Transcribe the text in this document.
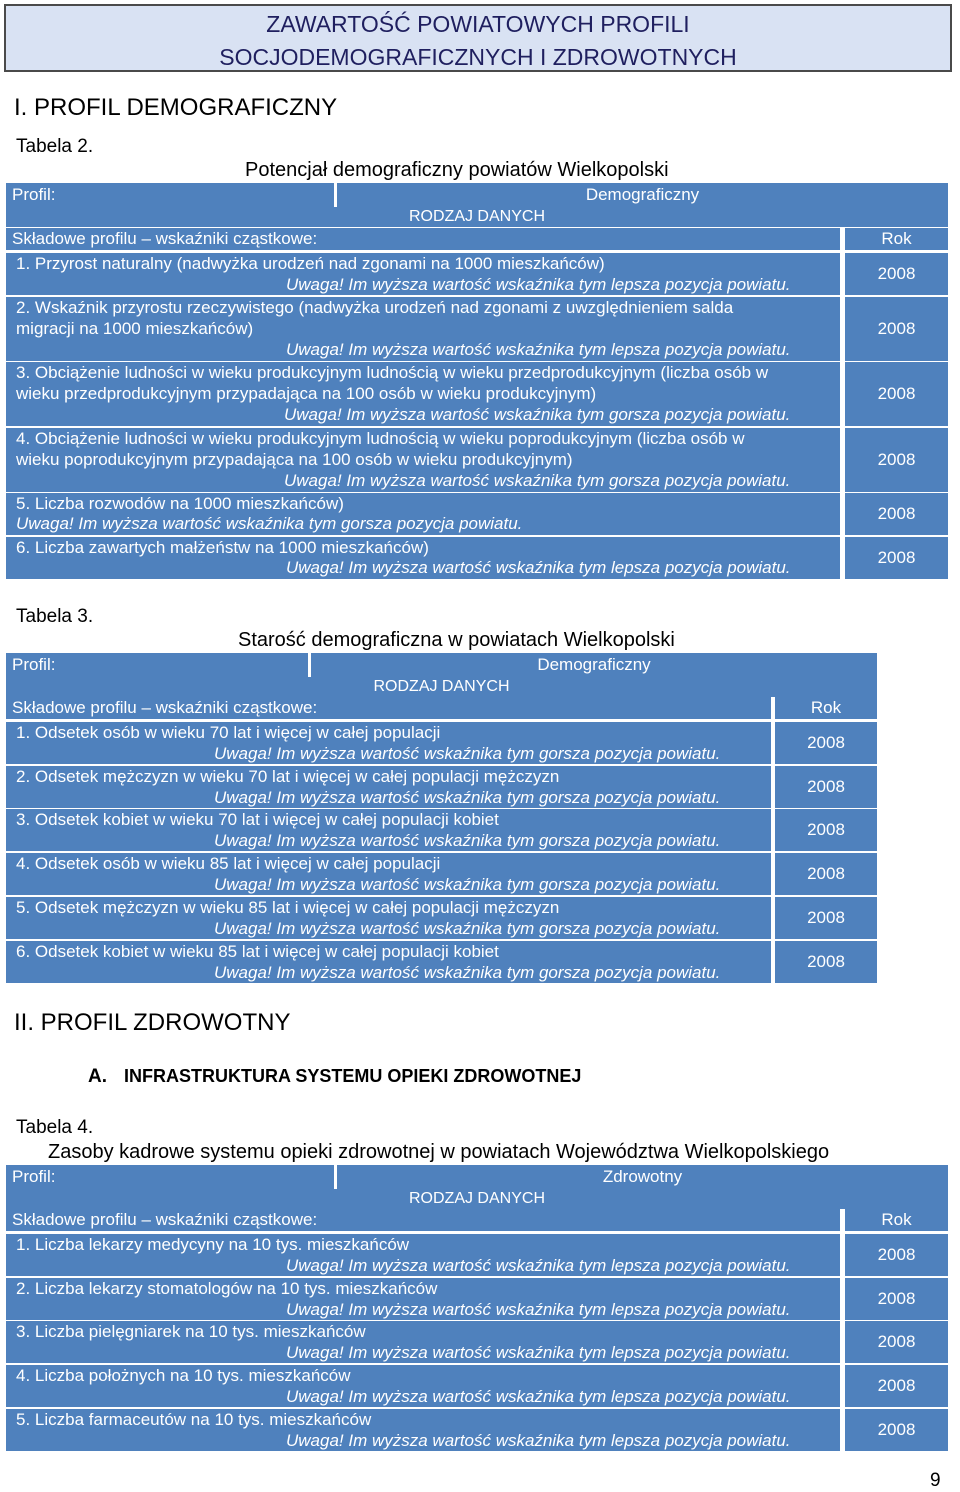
ZAWARTOŚĆ POWIATOWYCH PROFILI
SOCJODEMOGRAFICZNYCH I ZDROWOTNYCH
I. PROFIL DEMOGRAFICZNY
Tabela 2.
Potencjał demograficzny powiatów Wielkopolski
Profil:	Demograficzny
RODZAJ DANYCH
Składowe profilu – wskaźniki cząstkowe:	Rok
1. Przyrost naturalny (nadwyżka urodzeń nad zgonami na 1000 mieszkańców)
Uwaga! Im wyższa wartość wskaźnika tym lepsza pozycja powiatu.
2008
2. Wskaźnik przyrostu rzeczywistego (nadwyżka urodzeń nad zgonami z uwzględnieniem salda
migracji na 1000 mieszkańców)
Uwaga! Im wyższa wartość wskaźnika tym lepsza pozycja powiatu.
2008
3. Obciążenie ludności w wieku produkcyjnym ludnością w wieku przedprodukcyjnym (liczba osób w
wieku przedprodukcyjnym przypadająca na 100 osób w wieku produkcyjnym)
Uwaga! Im wyższa wartość wskaźnika tym gorsza pozycja powiatu.
2008
4. Obciążenie ludności w wieku produkcyjnym ludnością w wieku poprodukcyjnym (liczba osób w
wieku poprodukcyjnym przypadająca na 100 osób w wieku produkcyjnym)
Uwaga! Im wyższa wartość wskaźnika tym gorsza pozycja powiatu.
2008
5. Liczba rozwodów na 1000 mieszkańców)
Uwaga! Im wyższa wartość wskaźnika tym gorsza pozycja powiatu.
2008
6. Liczba zawartych małżeństw na 1000 mieszkańców)
Uwaga! Im wyższa wartość wskaźnika tym lepsza pozycja powiatu.
2008
Tabela 3.
Starość demograficzna w powiatach Wielkopolski
Profil:	Demograficzny
RODZAJ DANYCH
Składowe profilu – wskaźniki cząstkowe:	Rok
1. Odsetek osób w wieku 70 lat i więcej w całej populacji
Uwaga! Im wyższa wartość wskaźnika tym gorsza pozycja powiatu.
2008
2. Odsetek mężczyzn w wieku 70 lat i więcej w całej populacji mężczyzn
Uwaga! Im wyższa wartość wskaźnika tym gorsza pozycja powiatu.
2008
3. Odsetek kobiet w wieku 70 lat i więcej w całej populacji kobiet
Uwaga! Im wyższa wartość wskaźnika tym gorsza pozycja powiatu.
2008
4. Odsetek osób w wieku 85 lat i więcej w całej populacji
Uwaga! Im wyższa wartość wskaźnika tym gorsza pozycja powiatu.
2008
5. Odsetek mężczyzn w wieku 85 lat i więcej w całej populacji mężczyzn
Uwaga! Im wyższa wartość wskaźnika tym gorsza pozycja powiatu.
2008
6. Odsetek kobiet w wieku 85 lat i więcej w całej populacji kobiet
Uwaga! Im wyższa wartość wskaźnika tym gorsza pozycja powiatu.
2008
II. PROFIL ZDROWOTNY
A. INFRASTRUKTURA SYSTEMU OPIEKI ZDROWOTNEJ
Tabela 4.
Zasoby kadrowe systemu opieki zdrowotnej w powiatach Województwa Wielkopolskiego
Profil:	Zdrowotny
RODZAJ DANYCH
Składowe profilu – wskaźniki cząstkowe:	Rok
1. Liczba lekarzy medycyny na 10 tys. mieszkańców
Uwaga! Im wyższa wartość wskaźnika tym lepsza pozycja powiatu.
2008
2. Liczba lekarzy stomatologów na 10 tys. mieszkańców
Uwaga! Im wyższa wartość wskaźnika tym lepsza pozycja powiatu.
2008
3. Liczba pielęgniarek na 10 tys. mieszkańców
Uwaga! Im wyższa wartość wskaźnika tym lepsza pozycja powiatu.
2008
4. Liczba położnych na 10 tys. mieszkańców
Uwaga! Im wyższa wartość wskaźnika tym lepsza pozycja powiatu.
2008
5. Liczba farmaceutów na 10 tys. mieszkańców
Uwaga! Im wyższa wartość wskaźnika tym lepsza pozycja powiatu.
2008
9
